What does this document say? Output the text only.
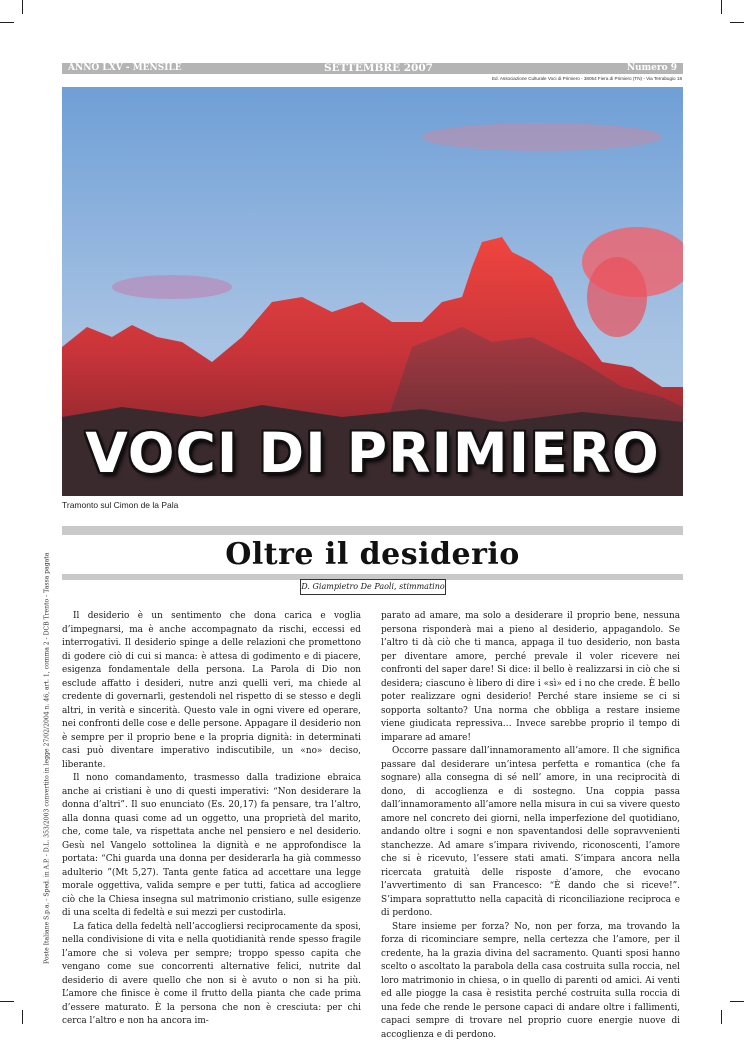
ANNO LXV - MENSILE	SETTEMBRE 2007	Numero 9
Ed. Associazione Culturale Voci di Primiero - 38054 Fiera di Primiero (TN) - Via Terrabugio 18
VOCI DI PRIMIERO
Tramonto sul Cimon de la Pala
Oltre il desiderio
D. Giampietro De Paoli, stimmatino
Poste Italiane S.p.a. - Sped. in A.P. - D.L. 353/2003 convertito in legge 27/02/2004 n. 46, art. 1, comma 2 - DCB Trento - Tassa pagata	Il desiderio è un sentimento che dona carica e voglia d’impegnarsi, ma è anche accompagnato da rischi, eccessi ed interrogativi. Il desiderio spinge a delle relazioni che promettono di godere ciò di cui si manca: è attesa di godimento e di piacere, esigenza fondamentale della persona. La Parola di Dio non esclude affatto i desideri, nutre anzi quelli veri, ma chiede al credente di governarli, gestendoli nel rispetto di se stesso e degli altri, in verità e sincerità. Questo vale in ogni vivere ed operare, nei confronti delle cose e delle persone. Appagare il desiderio non è sempre per il proprio bene e la propria dignità: in determinati casi può diventare imperativo indiscutibile, un «no» deciso, liberante.

Il nono comandamento, trasmesso dalla tradizione ebraica anche ai cristiani è uno di questi imperativi: “Non desiderare la donna d’altri”. Il suo enunciato (Es. 20,17) fa pensare, tra l’altro, alla donna quasi come ad un oggetto, una proprietà del marito, che, come tale, va rispettata anche nel pensiero e nel desiderio. Gesù nel Vangelo sottolinea la dignità e ne approfondisce la portata: “Chi guarda una donna per desiderarla ha già commesso adulterio ”(Mt 5,27). Tanta gente fatica ad accettare una legge morale oggettiva, valida sempre e per tutti, fatica ad accogliere ciò che la Chiesa insegna sul matrimonio cristiano, sulle esigenze di una scelta di fedeltà e sui mezzi per custodirla.

La fatica della fedeltà nell’accogliersi reciprocamente da sposi, nella condivisione di vita e nella quotidianità rende spesso fragile l’amore che si voleva per sempre; troppo spesso capita che vengano come sue concorrenti alternative felici, nutrite dal desiderio di avere quello che non si è avuto o non si ha più. L’amore che finisce è come il frutto della pianta che cade prima d’essere maturato. È la persona che non è cresciuta: per chi cerca l’altro e non ha ancora im-

parato ad amare, ma solo a desiderare il proprio bene, nessuna persona risponderà mai a pieno al desiderio, appagandolo. Se l’altro ti dà ciò che ti manca, appaga il tuo desiderio, non basta per diventare amore, perché prevale il voler ricevere nei confronti del saper dare! Si dice: il bello è realizzarsi in ciò che si desidera; ciascuno è libero di dire i «sì» ed i no che crede. È bello poter realizzare ogni desiderio! Perché stare insieme se ci si sopporta soltanto? Una norma che obbliga a restare insieme viene giudicata repressiva… Invece sarebbe proprio il tempo di imparare ad amare!

Occorre passare dall’innamoramento all’amore. Il che significa passare dal desiderare un’intesa perfetta e romantica (che fa sognare) alla consegna di sé nell’ amore, in una reciprocità di dono, di accoglienza e di sostegno. Una coppia passa dall’innamoramento all’amore nella misura in cui sa vivere questo amore nel concreto dei giorni, nella imperfezione del quotidiano, andando oltre i sogni e non spaventandosi delle sopravvenienti stanchezze. Ad amare s’impara rivivendo, riconoscenti, l’amore che si è ricevuto, l’essere stati amati. S’impara ancora nella ricercata gratuità delle risposte d’amore, che evocano l’avvertimento di san Francesco: “È dando che si riceve!”. S’impara soprattutto nella capacità di riconciliazione reciproca e di perdono.

Stare insieme per forza? No, non per forza, ma trovando la forza di ricominciare sempre, nella certezza che l’amore, per il credente, ha la grazia divina del sacramento. Quanti sposi hanno scelto o ascoltato la parabola della casa costruita sulla roccia, nel loro matrimonio in chiesa, o in quello di parenti od amici. Ai venti ed alle piogge la casa è resistita perché costruita sulla roccia di una fede che rende le persone capaci di andare oltre i fallimenti, capaci sempre di trovare nel proprio cuore energie nuove di accoglienza e di perdono.
